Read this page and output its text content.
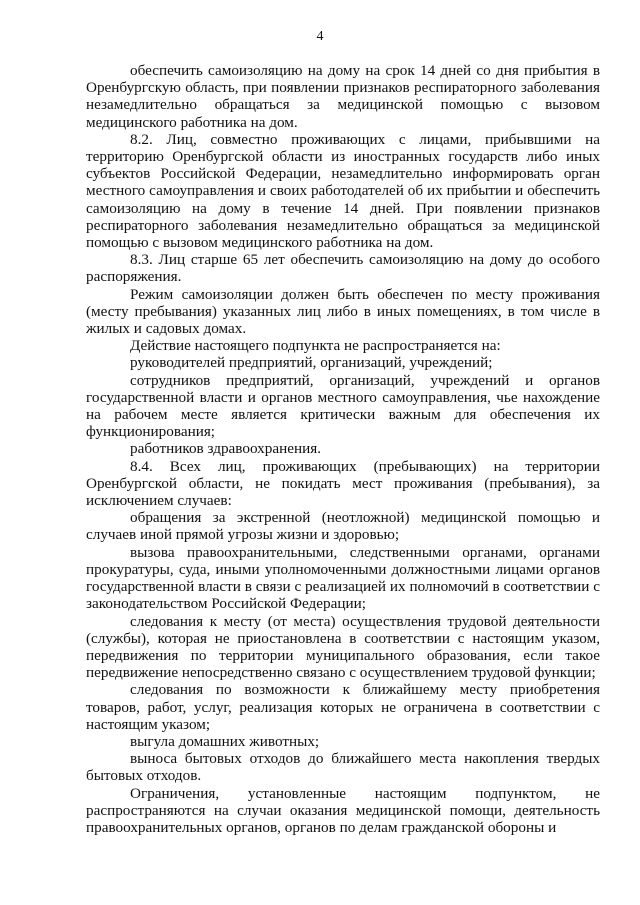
4

обеспечить самоизоляцию на дому на срок 14 дней со дня прибытия в Оренбургскую область, при появлении признаков респираторного заболевания незамедлительно обращаться за медицинской помощью с вызовом медицинского работника на дом.

8.2. Лиц, совместно проживающих с лицами, прибывшими на территорию Оренбургской области из иностранных государств либо иных субъектов Российской Федерации, незамедлительно информировать орган местного самоуправления и своих работодателей об их прибытии и обеспечить самоизоляцию на дому в течение 14 дней. При появлении признаков респираторного заболевания незамедлительно обращаться за медицинской помощью с вызовом медицинского работника на дом.

8.3. Лиц старше 65 лет обеспечить самоизоляцию на дому до особого распоряжения.

Режим самоизоляции должен быть обеспечен по месту проживания (месту пребывания) указанных лиц либо в иных помещениях, в том числе в жилых и садовых домах.

Действие настоящего подпункта не распространяется на:

руководителей предприятий, организаций, учреждений;

сотрудников предприятий, организаций, учреждений и органов государственной власти и органов местного самоуправления, чье нахождение на рабочем месте является критически важным для обеспечения их функционирования;

работников здравоохранения.

8.4. Всех лиц, проживающих (пребывающих) на территории Оренбургской области, не покидать мест проживания (пребывания), за исключением случаев:

обращения за экстренной (неотложной) медицинской помощью и случаев иной прямой угрозы жизни и здоровью;

вызова правоохранительными, следственными органами, органами прокуратуры, суда, иными уполномоченными должностными лицами органов государственной власти в связи с реализацией их полномочий в соответствии с законодательством Российской Федерации;

следования к месту (от места) осуществления трудовой деятельности (службы), которая не приостановлена в соответствии с настоящим указом, передвижения по территории муниципального образования, если такое передвижение непосредственно связано с осуществлением трудовой функции;

следования по возможности к ближайшему месту приобретения товаров, работ, услуг, реализация которых не ограничена в соответствии с настоящим указом;

выгула домашних животных;

выноса бытовых отходов до ближайшего места накопления твердых бытовых отходов.

Ограничения, установленные настоящим подпунктом, не распространяются на случаи оказания медицинской помощи, деятельность правоохранительных органов, органов по делам гражданской обороны и
